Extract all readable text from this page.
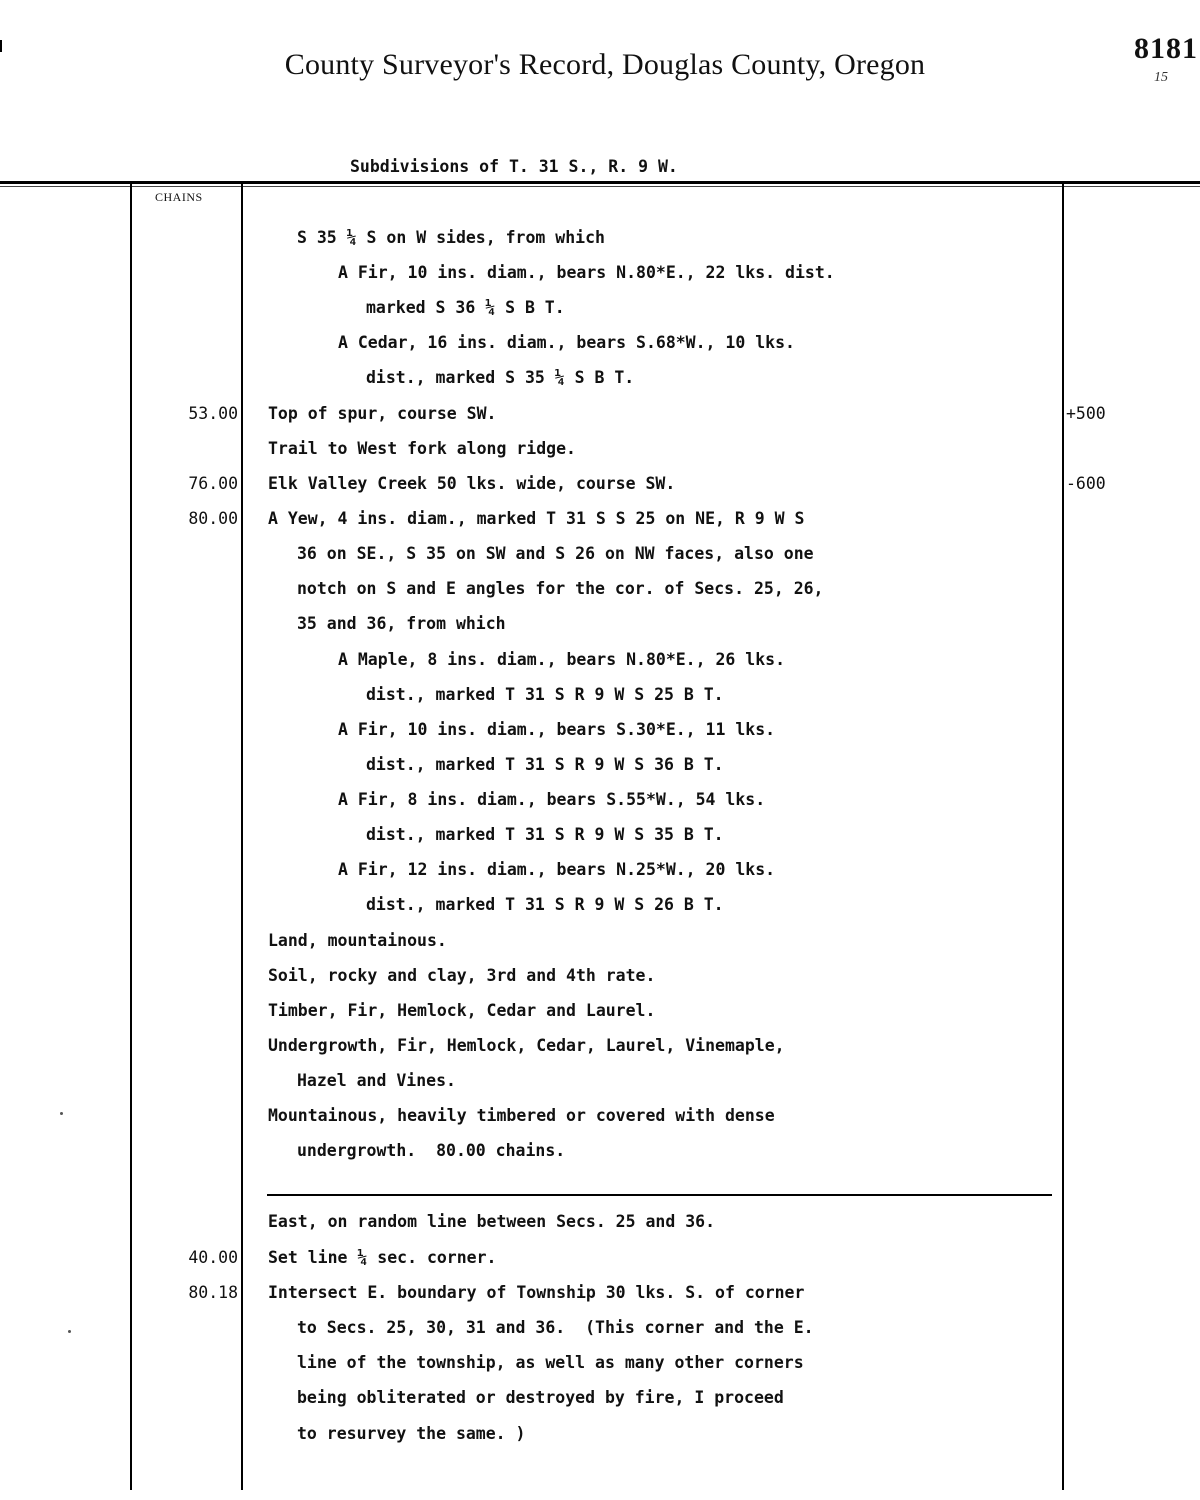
County Surveyor's Record, Douglas County, Oregon	8181
15
Subdivisions of T. 31 S., R. 9 W.
CHAINS
53.00
76.00
80.00
40.00
80.18
+500
-600
S 35 ¼ S on W sides, from which
A Fir, 10 ins. diam., bears N.80*E., 22 lks. dist.
marked S 36 ¼ S B T.
A Cedar, 16 ins. diam., bears S.68*W., 10 lks.
dist., marked S 35 ¼ S B T.
Top of spur, course SW.
Trail to West fork along ridge.
Elk Valley Creek 50 lks. wide, course SW.
A Yew, 4 ins. diam., marked T 31 S S 25 on NE, R 9 W S
36 on SE., S 35 on SW and S 26 on NW faces, also one
notch on S and E angles for the cor. of Secs. 25, 26,
35 and 36, from which
A Maple, 8 ins. diam., bears N.80*E., 26 lks.
dist., marked T 31 S R 9 W S 25 B T.
A Fir, 10 ins. diam., bears S.30*E., 11 lks.
dist., marked T 31 S R 9 W S 36 B T.
A Fir, 8 ins. diam., bears S.55*W., 54 lks.
dist., marked T 31 S R 9 W S 35 B T.
A Fir, 12 ins. diam., bears N.25*W., 20 lks.
dist., marked T 31 S R 9 W S 26 B T.
Land, mountainous.
Soil, rocky and clay, 3rd and 4th rate.
Timber, Fir, Hemlock, Cedar and Laurel.
Undergrowth, Fir, Hemlock, Cedar, Laurel, Vinemaple,
Hazel and Vines.
Mountainous, heavily timbered or covered with dense
undergrowth.  80.00 chains.
East, on random line between Secs. 25 and 36.
Set line ¼ sec. corner.
Intersect E. boundary of Township 30 lks. S. of corner
to Secs. 25, 30, 31 and 36.  (This corner and the E.
line of the township, as well as many other corners
being obliterated or destroyed by fire, I proceed
to resurvey the same. )
